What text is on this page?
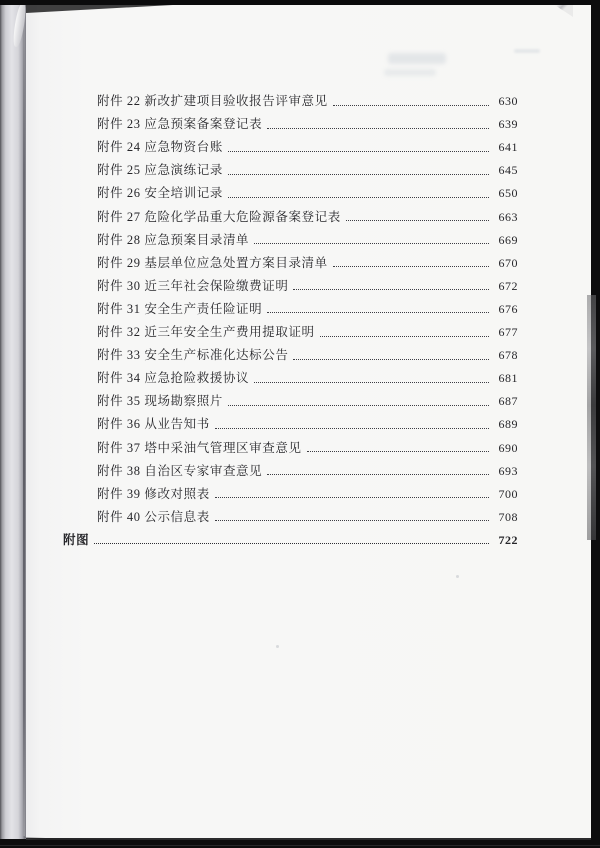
附件 22 新改扩建项目验收报告评审意见	630
附件 23 应急预案备案登记表	639
附件 24 应急物资台账	641
附件 25 应急演练记录	645
附件 26 安全培训记录	650
附件 27 危险化学品重大危险源备案登记表	663
附件 28 应急预案目录清单	669
附件 29 基层单位应急处置方案目录清单	670
附件 30 近三年社会保险缴费证明	672
附件 31 安全生产责任险证明	676
附件 32 近三年安全生产费用提取证明	677
附件 33 安全生产标准化达标公告	678
附件 34 应急抢险救援协议	681
附件 35 现场勘察照片	687
附件 36 从业告知书	689
附件 37 塔中采油气管理区审查意见	690
附件 38 自治区专家审查意见	693
附件 39 修改对照表	700
附件 40 公示信息表	708
附图	722
